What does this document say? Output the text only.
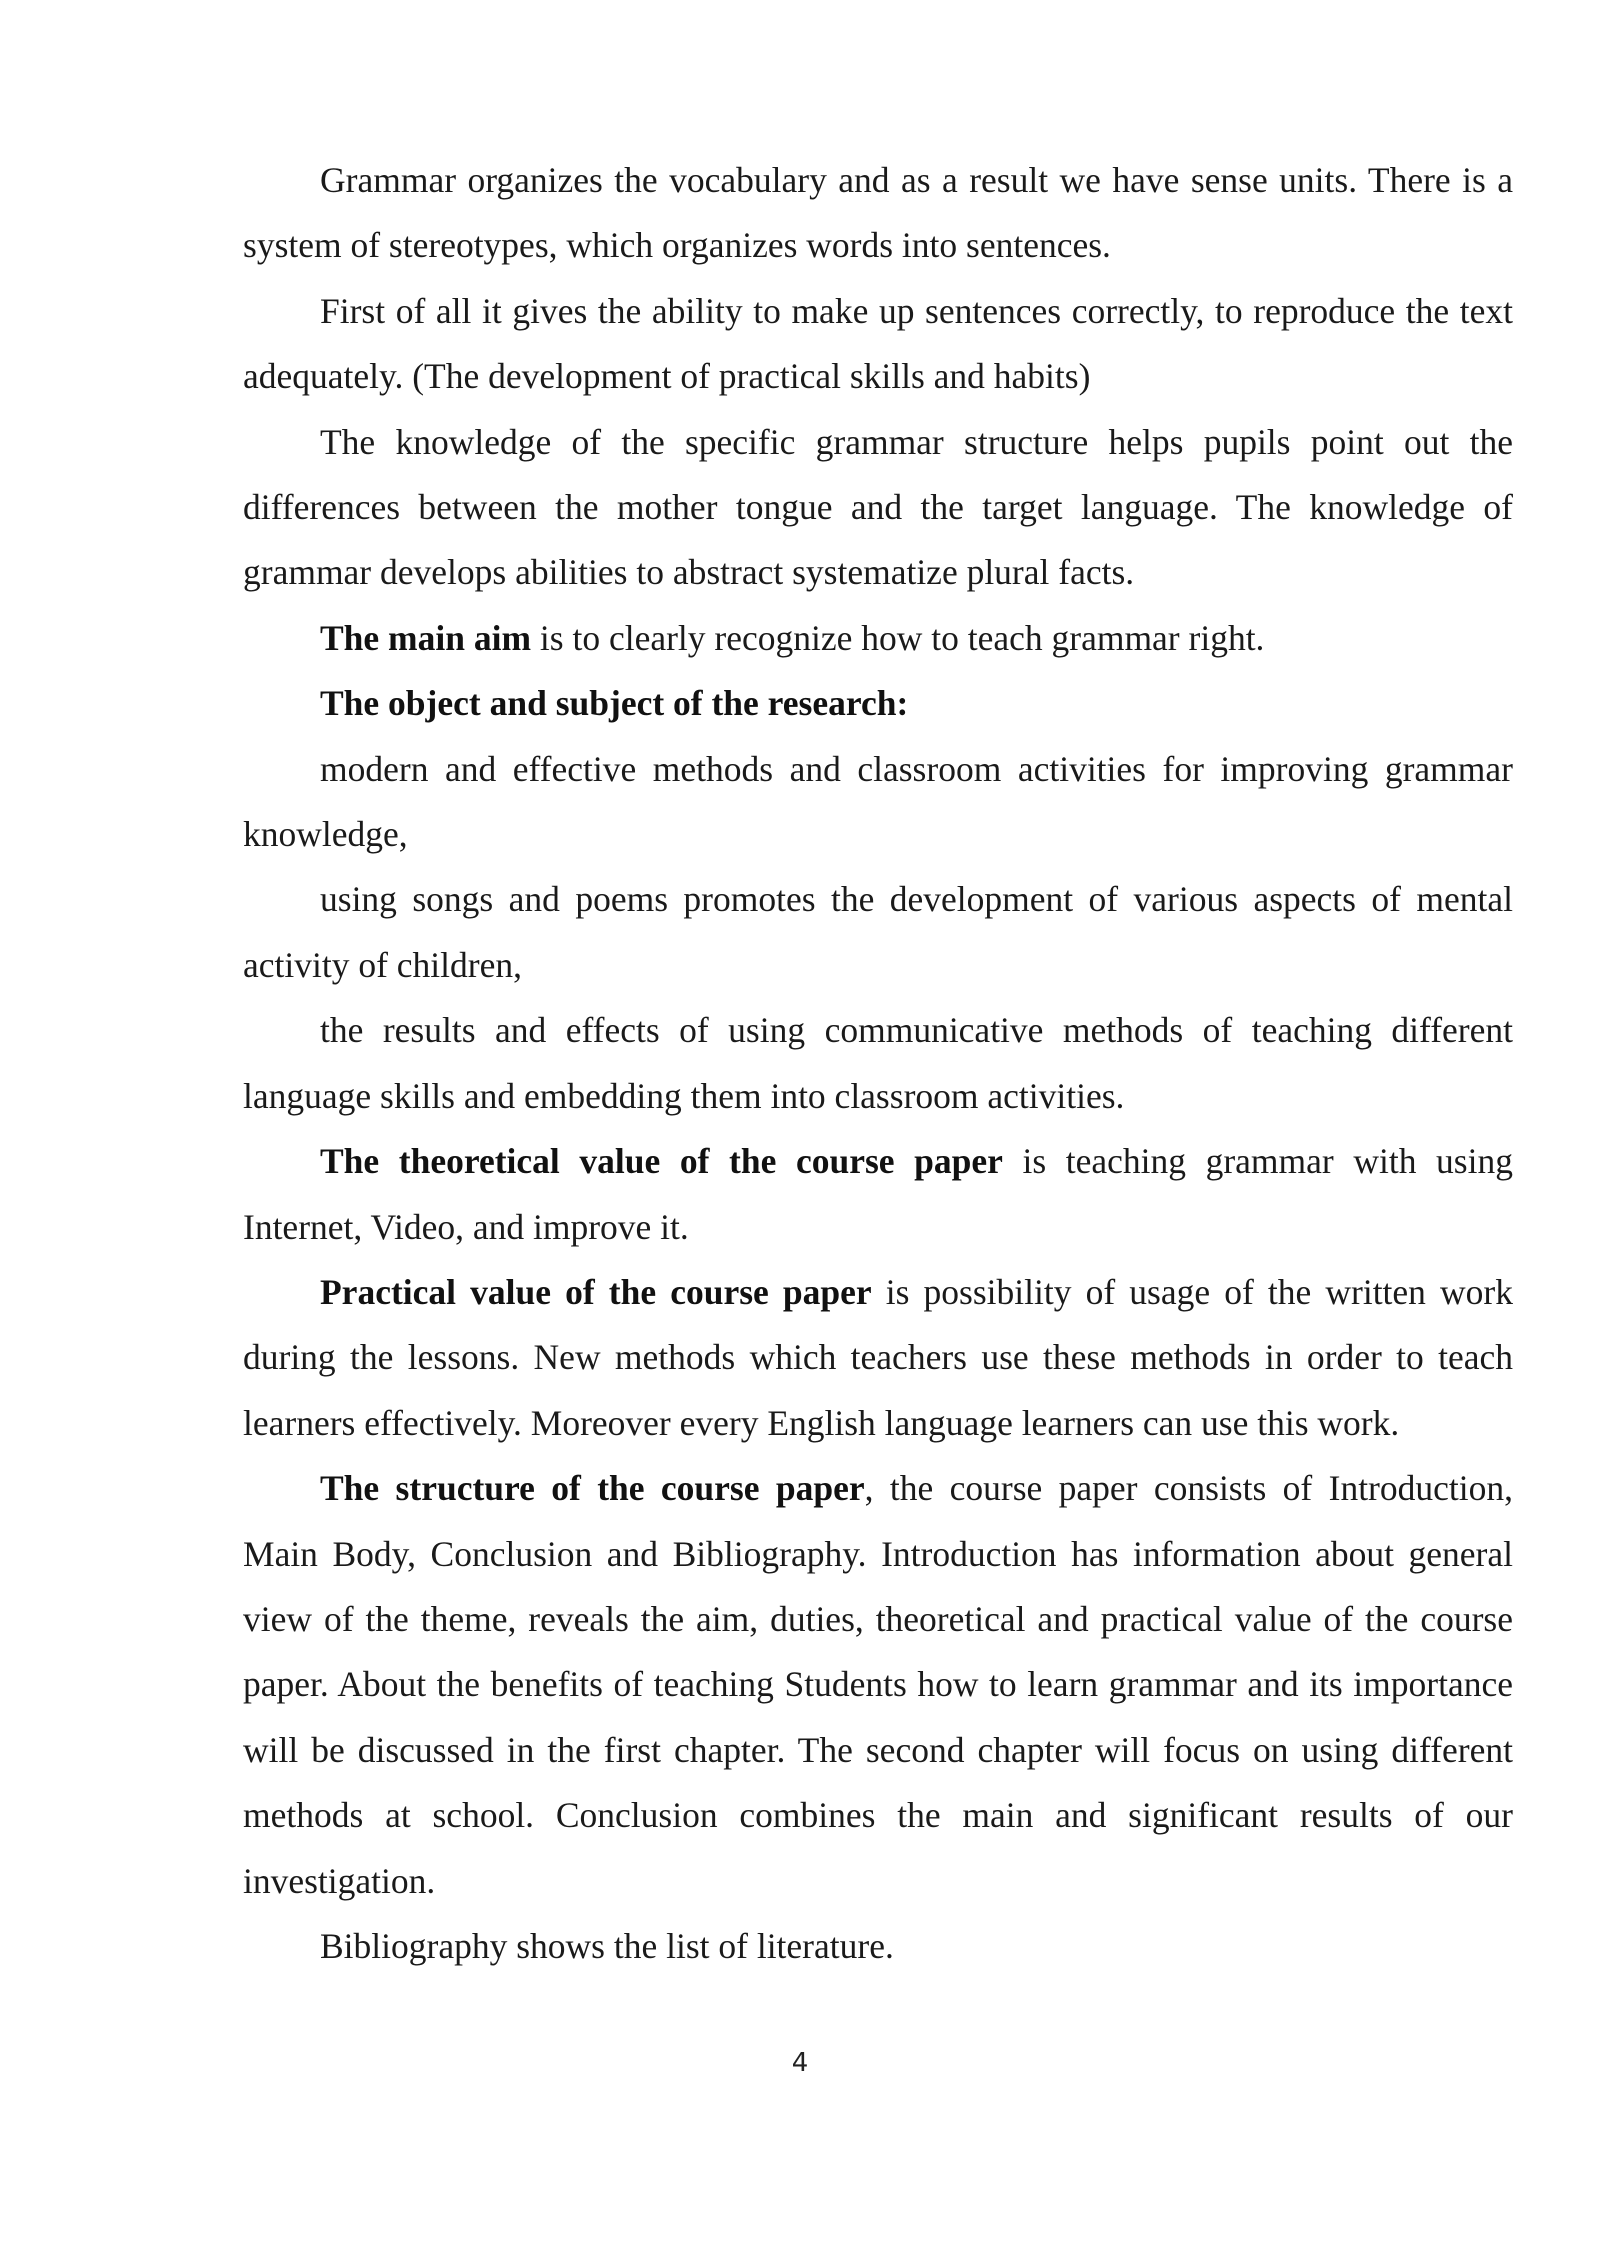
Grammar organizes the vocabulary and as a result we have sense units. There is a system of stereotypes, which organizes words into sentences.

First of all it gives the ability to make up sentences correctly, to reproduce the text adequately. (The development of practical skills and habits)

The knowledge of the specific grammar structure helps pupils point out the differences between the mother tongue and the target language. The knowledge of grammar develops abilities to abstract systematize plural facts.

The main aim is to clearly recognize how to teach grammar right.

The object and subject of the research:

modern and effective methods and classroom activities for improving grammar knowledge,

using songs and poems promotes the development of various aspects of mental activity of children,

the results and effects of using communicative methods of teaching different language skills and embedding them into classroom activities.

The theoretical value of the course paper is teaching grammar with using Internet, Video, and improve it.

Practical value of the course paper is possibility of usage of the written work during the lessons. New methods which teachers use these methods in order to teach learners effectively. Moreover every English language learners can use this work.

The structure of the course paper, the course paper consists of Introduction, Main Body, Conclusion and Bibliography. Introduction has information about general view of the theme, reveals the aim, duties, theoretical and practical value of the course paper. About the benefits of teaching Students how to learn grammar and its importance will be discussed in the first chapter. The second chapter will focus on using different methods at school. Conclusion combines the main and significant results of our investigation.

Bibliography shows the list of literature.

4
